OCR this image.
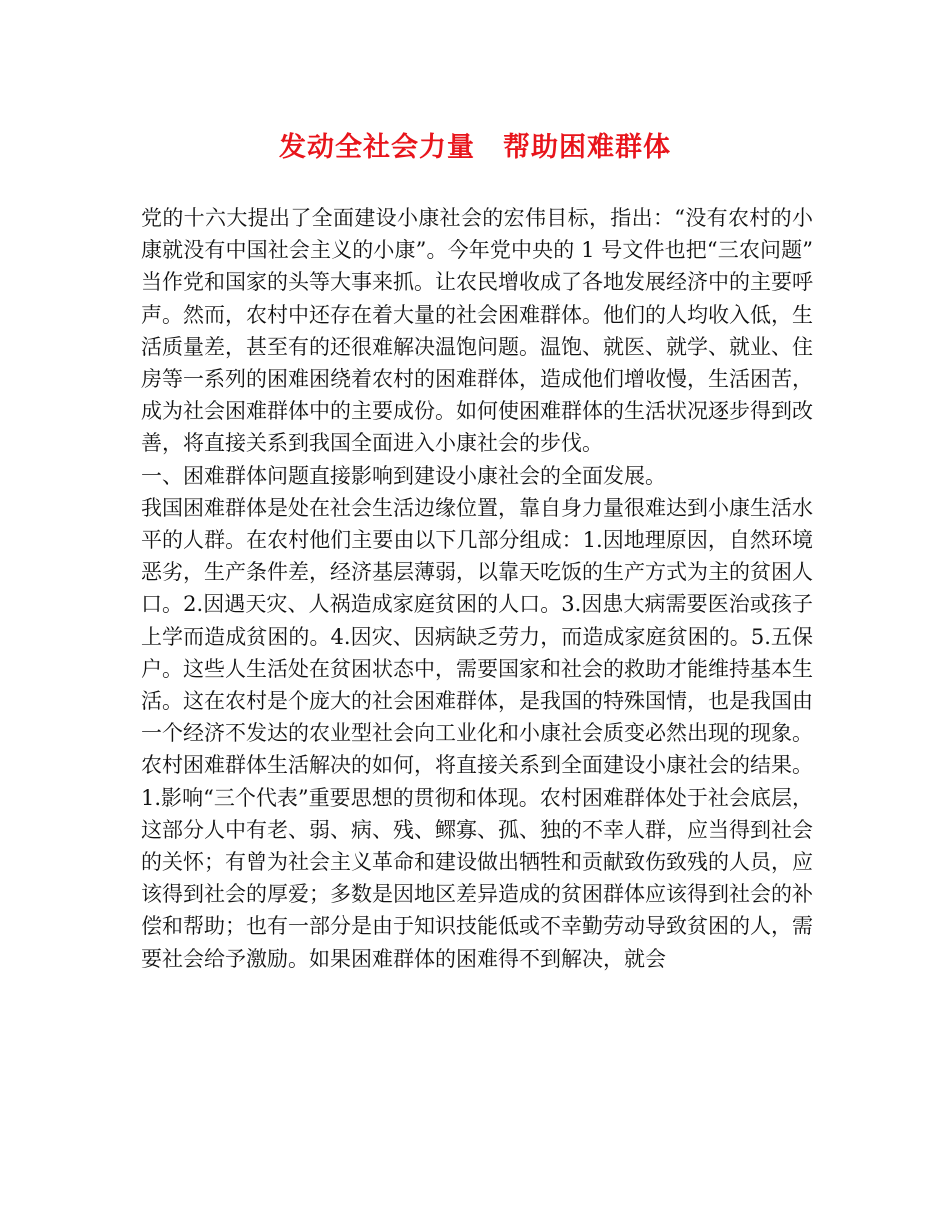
发动全社会力量　帮助困难群体

党的十六大提出了全面建设小康社会的宏伟目标，指出：“没有农村的小康就没有中国社会主义的小康”。今年党中央的 1 号文件也把“三农问题”当作党和国家的头等大事来抓。让农民增收成了各地发展经济中的主要呼声。然而，农村中还存在着大量的社会困难群体。他们的人均收入低，生活质量差，甚至有的还很难解决温饱问题。温饱、就医、就学、就业、住房等一系列的困难困绕着农村的困难群体，造成他们增收慢，生活困苦，成为社会困难群体中的主要成份。如何使困难群体的生活状况逐步得到改善，将直接关系到我国全面进入小康社会的步伐。

一、困难群体问题直接影响到建设小康社会的全面发展。

我国困难群体是处在社会生活边缘位置，靠自身力量很难达到小康生活水平的人群。在农村他们主要由以下几部分组成：1.因地理原因，自然环境恶劣，生产条件差，经济基层薄弱，以靠天吃饭的生产方式为主的贫困人口。2.因遇天灾、人祸造成家庭贫困的人口。3.因患大病需要医治或孩子上学而造成贫困的。4.因灾、因病缺乏劳力，而造成家庭贫困的。5.五保户。这些人生活处在贫困状态中，需要国家和社会的救助才能维持基本生活。这在农村是个庞大的社会困难群体，是我国的特殊国情，也是我国由一个经济不发达的农业型社会向工业化和小康社会质变必然出现的现象。农村困难群体生活解决的如何，将直接关系到全面建设小康社会的结果。

1.影响“三个代表”重要思想的贯彻和体现。农村困难群体处于社会底层，这部分人中有老、弱、病、残、鳏寡、孤、独的不幸人群，应当得到社会的关怀；有曾为社会主义革命和建设做出牺牲和贡献致伤致残的人员，应该得到社会的厚爱；多数是因地区差异造成的贫困群体应该得到社会的补偿和帮助；也有一部分是由于知识技能低或不幸勤劳动导致贫困的人，需要社会给予激励。如果困难群体的困难得不到解决，就会
